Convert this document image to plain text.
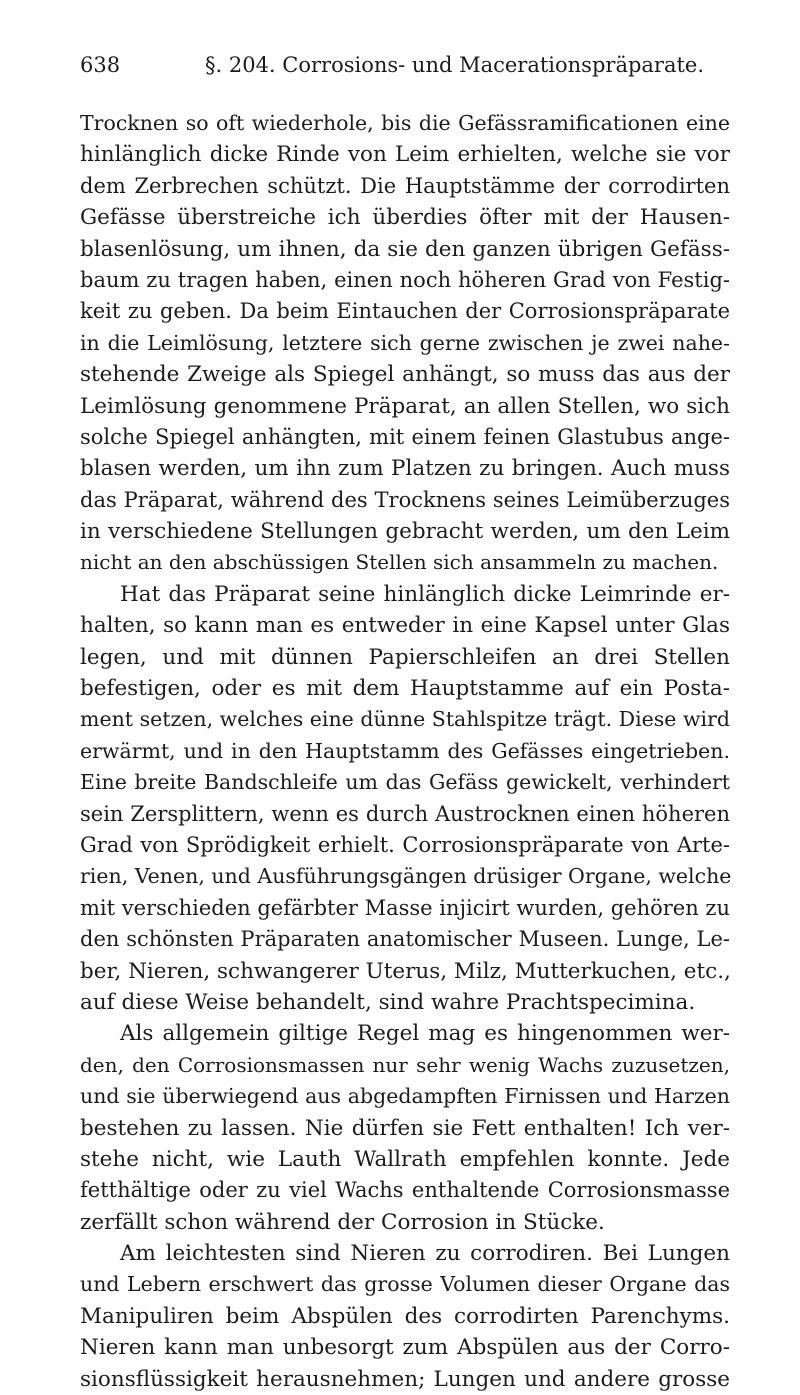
638	§. 204. Corrosions- und Macerationspräparate.
Trocknen so oft wiederhole, bis die Gefässramificationen eine
hinlänglich dicke Rinde von Leim erhielten, welche sie vor
dem Zerbrechen schützt. Die Hauptstämme der corrodirten
Gefässe überstreiche ich überdies öfter mit der Hausen-
blasenlösung, um ihnen, da sie den ganzen übrigen Gefäss-
baum zu tragen haben, einen noch höheren Grad von Festig-
keit zu geben. Da beim Eintauchen der Corrosionspräparate
in die Leimlösung, letztere sich gerne zwischen je zwei nahe-
stehende Zweige als Spiegel anhängt, so muss das aus der
Leimlösung genommene Präparat, an allen Stellen, wo sich
solche Spiegel anhängten, mit einem feinen Glastubus ange-
blasen werden, um ihn zum Platzen zu bringen. Auch muss
das Präparat, während des Trocknens seines Leimüberzuges
in verschiedene Stellungen gebracht werden, um den Leim
nicht an den abschüssigen Stellen sich ansammeln zu machen.
Hat das Präparat seine hinlänglich dicke Leimrinde er-
halten, so kann man es entweder in eine Kapsel unter Glas
legen, und mit dünnen Papierschleifen an drei Stellen
befestigen, oder es mit dem Hauptstamme auf ein Posta-
ment setzen, welches eine dünne Stahlspitze trägt. Diese wird
erwärmt, und in den Hauptstamm des Gefässes eingetrieben.
Eine breite Bandschleife um das Gefäss gewickelt, verhindert
sein Zersplittern, wenn es durch Austrocknen einen höheren
Grad von Sprödigkeit erhielt. Corrosionspräparate von Arte-
rien, Venen, und Ausführungsgängen drüsiger Organe, welche
mit verschieden gefärbter Masse injicirt wurden, gehören zu
den schönsten Präparaten anatomischer Museen. Lunge, Le-
ber, Nieren, schwangerer Uterus, Milz, Mutterkuchen, etc.,
auf diese Weise behandelt, sind wahre Prachtspecimina.
Als allgemein giltige Regel mag es hingenommen wer-
den, den Corrosionsmassen nur sehr wenig Wachs zuzusetzen,
und sie überwiegend aus abgedampften Firnissen und Harzen
bestehen zu lassen. Nie dürfen sie Fett enthalten! Ich ver-
stehe nicht, wie Lauth Wallrath empfehlen konnte. Jede
fetthältige oder zu viel Wachs enthaltende Corrosionsmasse
zerfällt schon während der Corrosion in Stücke.
Am leichtesten sind Nieren zu corrodiren. Bei Lungen
und Lebern erschwert das grosse Volumen dieser Organe das
Manipuliren beim Abspülen des corrodirten Parenchyms.
Nieren kann man unbesorgt zum Abspülen aus der Corro-
sionsflüssigkeit herausnehmen; Lungen und andere grosse
